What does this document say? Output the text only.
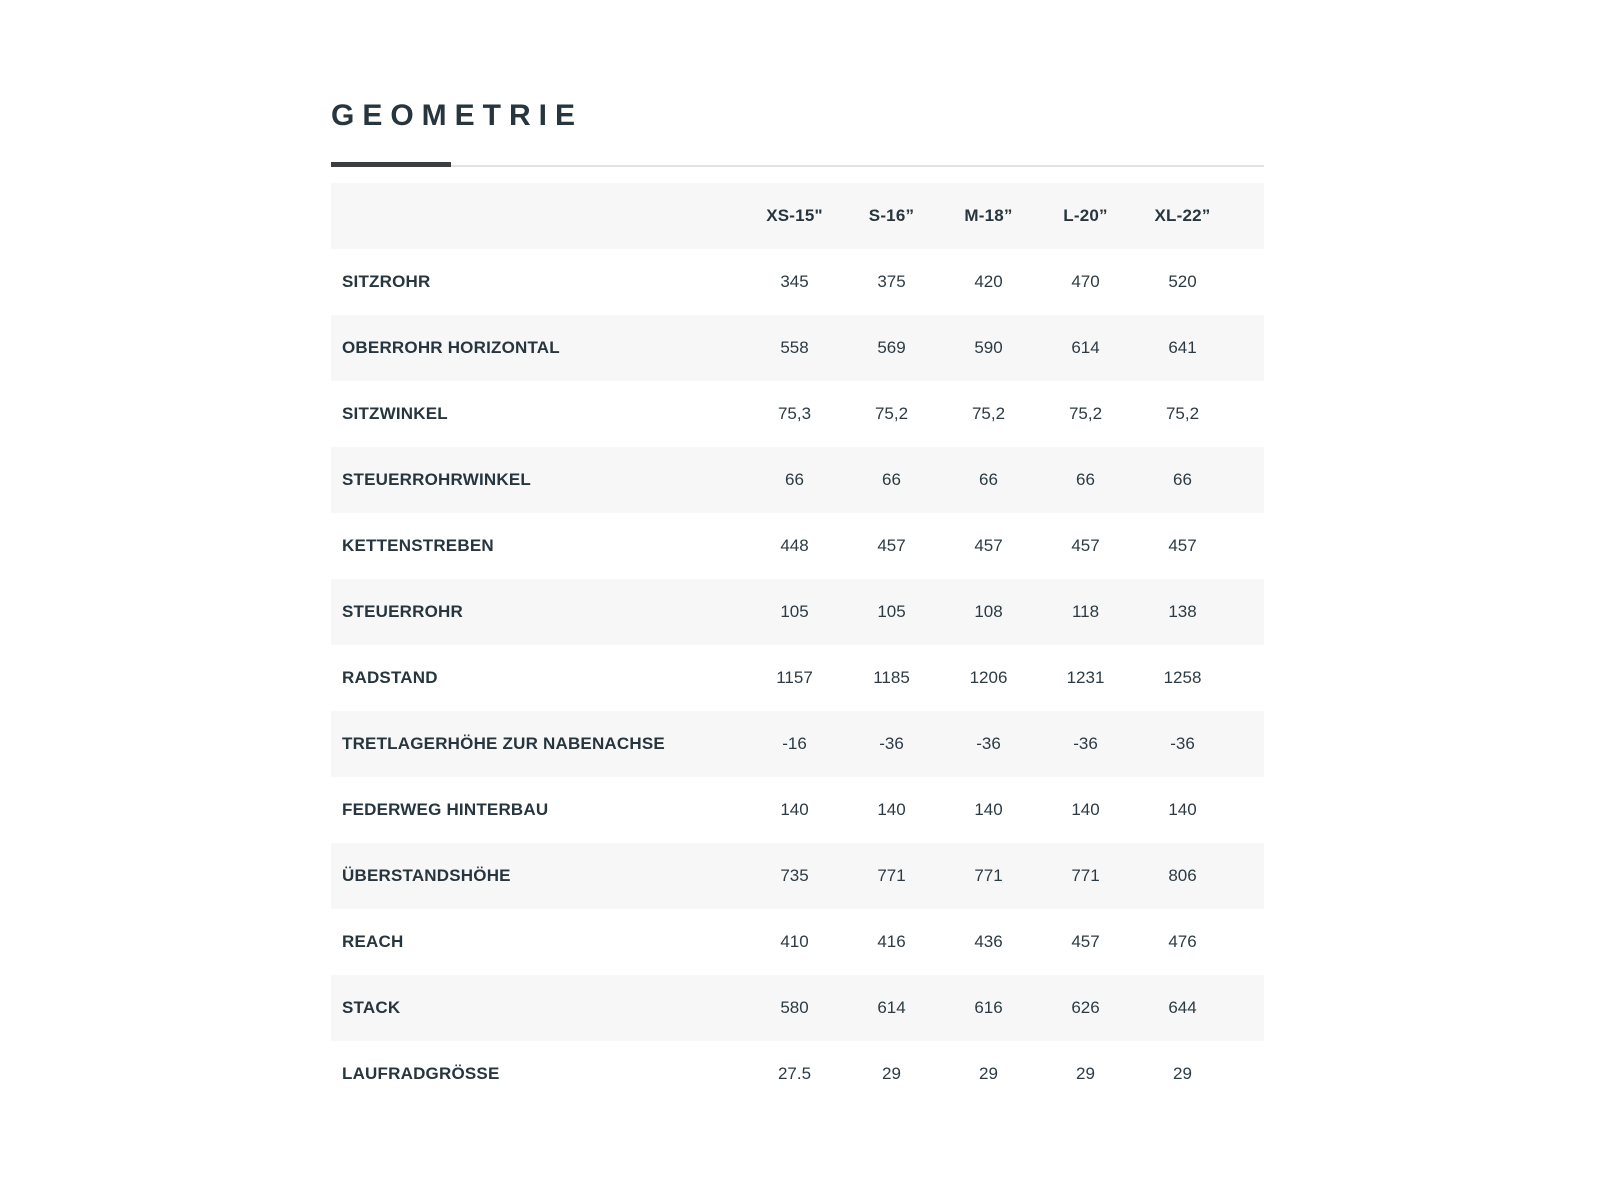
GEOMETRIE
	XS-15"	S-16”	M-18”	L-20”	XL-22”	
SITZROHR	345	375	420	470	520	
OBERROHR HORIZONTAL	558	569	590	614	641	
SITZWINKEL	75,3	75,2	75,2	75,2	75,2	
STEUERROHRWINKEL	66	66	66	66	66	
KETTENSTREBEN	448	457	457	457	457	
STEUERROHR	105	105	108	118	138	
RADSTAND	1157	1185	1206	1231	1258	
TRETLAGERHÖHE ZUR NABENACHSE	-16	-36	-36	-36	-36	
FEDERWEG HINTERBAU	140	140	140	140	140	
ÜBERSTANDSHÖHE	735	771	771	771	806	
REACH	410	416	436	457	476	
STACK	580	614	616	626	644	
LAUFRADGRÖSSE	27.5	29	29	29	29	
